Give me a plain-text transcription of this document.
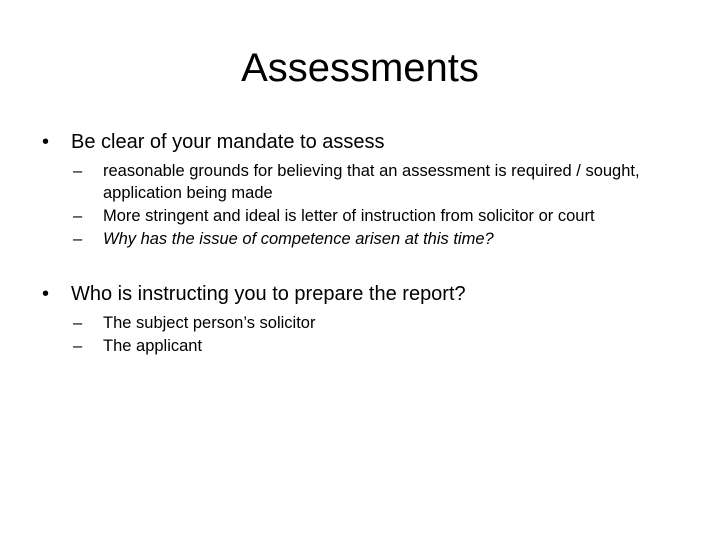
Assessments
• Be clear of your mandate to assess
– reasonable grounds for believing that an assessment is required / sought, application being made
– More stringent and ideal is letter of instruction from solicitor or court
– Why has the issue of competence arisen at this time?
• Who is instructing you to prepare the report?
– The subject person’s solicitor
– The applicant
